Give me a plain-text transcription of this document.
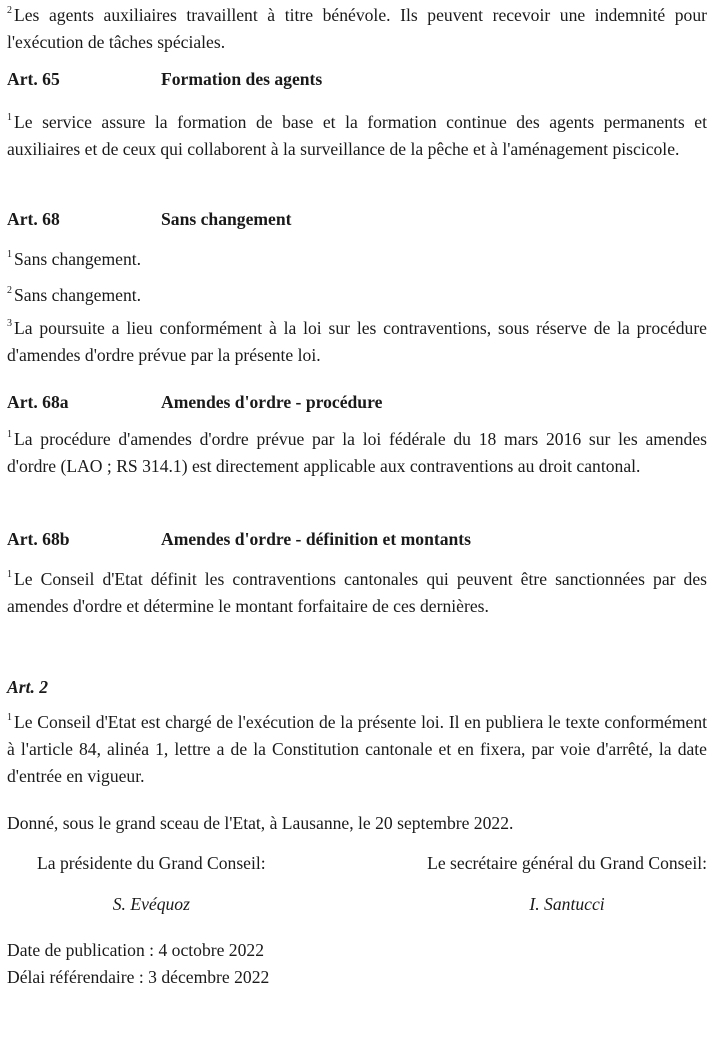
$^2$ Les agents auxiliaires travaillent à titre bénévole. Ils peuvent recevoir une indemnité pour l'exécution de tâches spéciales.

Art. 65	Formation des agents

$^1$ Le service assure la formation de base et la formation continue des agents permanents et auxiliaires et de ceux qui collaborent à la surveillance de la pêche et à l'aménagement piscicole.

Art. 68	Sans changement

$^1$ Sans changement.

$^2$ Sans changement.

$^3$ La poursuite a lieu conformément à la loi sur les contraventions, sous réserve de la procédure d'amendes d'ordre prévue par la présente loi.

Art. 68a	Amendes d'ordre - procédure

$^1$ La procédure d'amendes d'ordre prévue par la loi fédérale du 18 mars 2016 sur les amendes d'ordre (LAO ; RS 314.1) est directement applicable aux contraventions au droit cantonal.

Art. 68b	Amendes d'ordre - définition et montants

$^1$ Le Conseil d'Etat définit les contraventions cantonales qui peuvent être sanctionnées par des amendes d'ordre et détermine le montant forfaitaire de ces dernières.

Art. 2

$^1$ Le Conseil d'Etat est chargé de l'exécution de la présente loi. Il en publiera le texte conformément à l'article 84, alinéa 1, lettre a de la Constitution cantonale et en fixera, par voie d'arrêté, la date d'entrée en vigueur.

Donné, sous le grand sceau de l'Etat, à Lausanne, le 20 septembre 2022.

La présidente du Grand Conseil:
S. Evéquoz
Le secrétaire général du Grand Conseil:
I. Santucci

Date de publication : 4 octobre 2022

Délai référendaire : 3 décembre 2022
